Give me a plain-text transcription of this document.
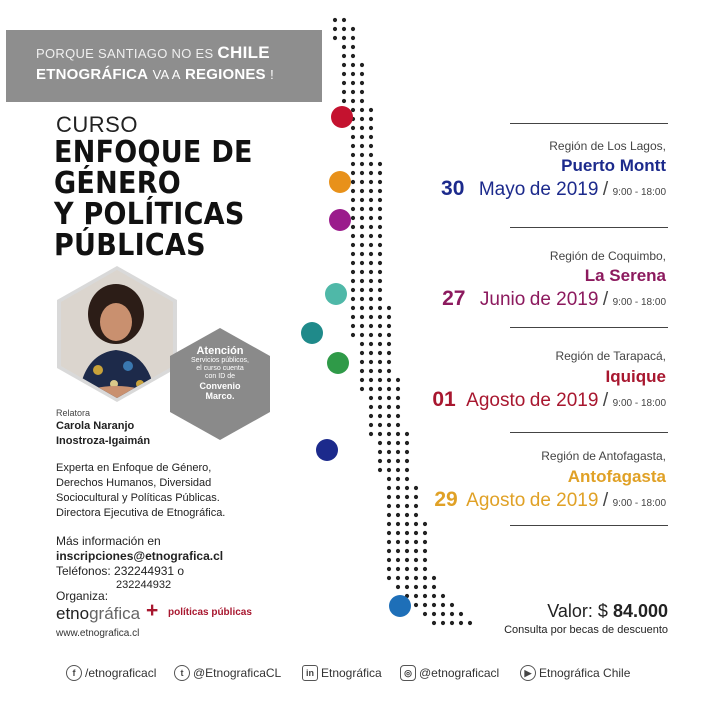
PORQUE SANTIAGO NO ES CHILE
ETNOGRÁFICA VA A REGIONES !
CURSO
ENFOQUE DE
GÉNERO
Y POLÍTICAS
PÚBLICAS
Atención
Servicios públicos,
el curso cuenta
con ID de
Convenio
Marco.
Relatora
Carola Naranjo
Inostroza-Igaimán
Experta en Enfoque de Género,
Derechos Humanos, Diversidad
Sociocultural y Políticas Públicas.
Directora Ejecutiva de Etnográfica.
Más información en
inscripciones@etnografica.cl
Teléfonos: 232244931 o
232244932
Organiza:
etnográfica + políticas públicas
www.etnografica.cl
Región de Los Lagos,
Puerto Montt
30 Mayo de 2019 / 9:00 - 18:00
Región de Coquimbo,
La Serena
27 Junio de 2019 / 9:00 - 18:00
Región de Tarapacá,
Iquique
01 Agosto de 2019 / 9:00 - 18:00
Región de Antofagasta,
Antofagasta
29 Agosto de 2019 / 9:00 - 18:00
Valor: $ 84.000
Consulta por becas de descuento
f /etnograficacl	t @EtnograficaCL	in Etnográfica	◎ @etnograficacl	▶ Etnográfica Chile
